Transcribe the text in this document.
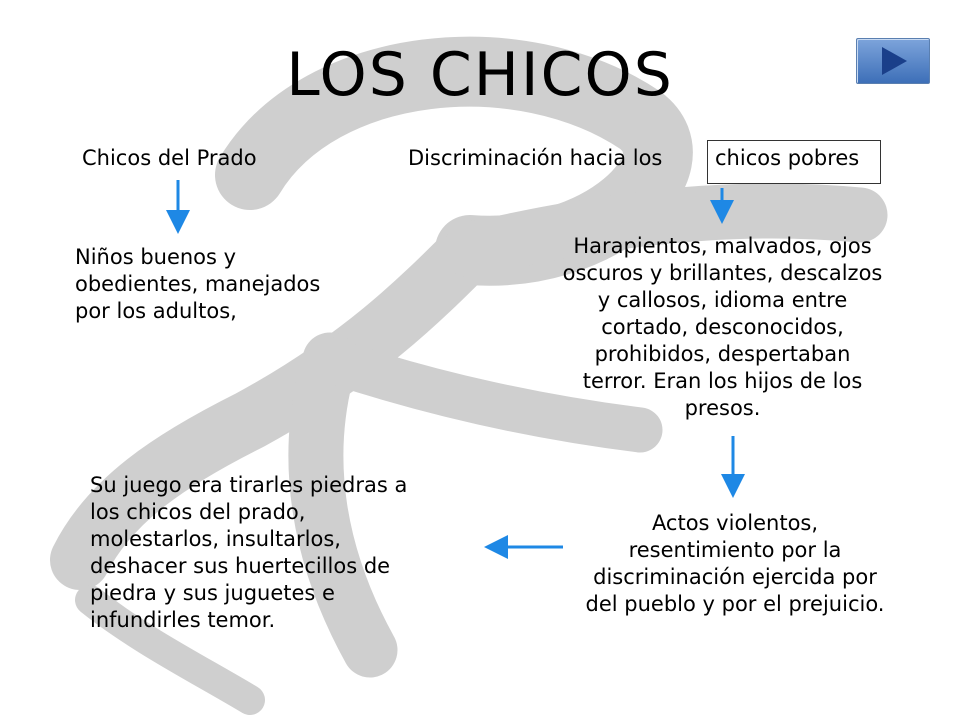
LOS CHICOS
Chicos del Prado	Discriminación hacia los	chicos pobres
Niños buenos y
obedientes, manejados
por los adultos,
Harapientos, malvados, ojos
oscuros y brillantes, descalzos
y callosos, idioma entre
cortado, desconocidos,
prohibidos, despertaban
terror. Eran los hijos de los
presos.
Actos violentos,
resentimiento por la
discriminación ejercida por
del pueblo y por el prejuicio.
Su juego era tirarles piedras a
los chicos del prado,
molestarlos, insultarlos,
deshacer sus huertecillos de
piedra y sus juguetes e
infundirles temor.
